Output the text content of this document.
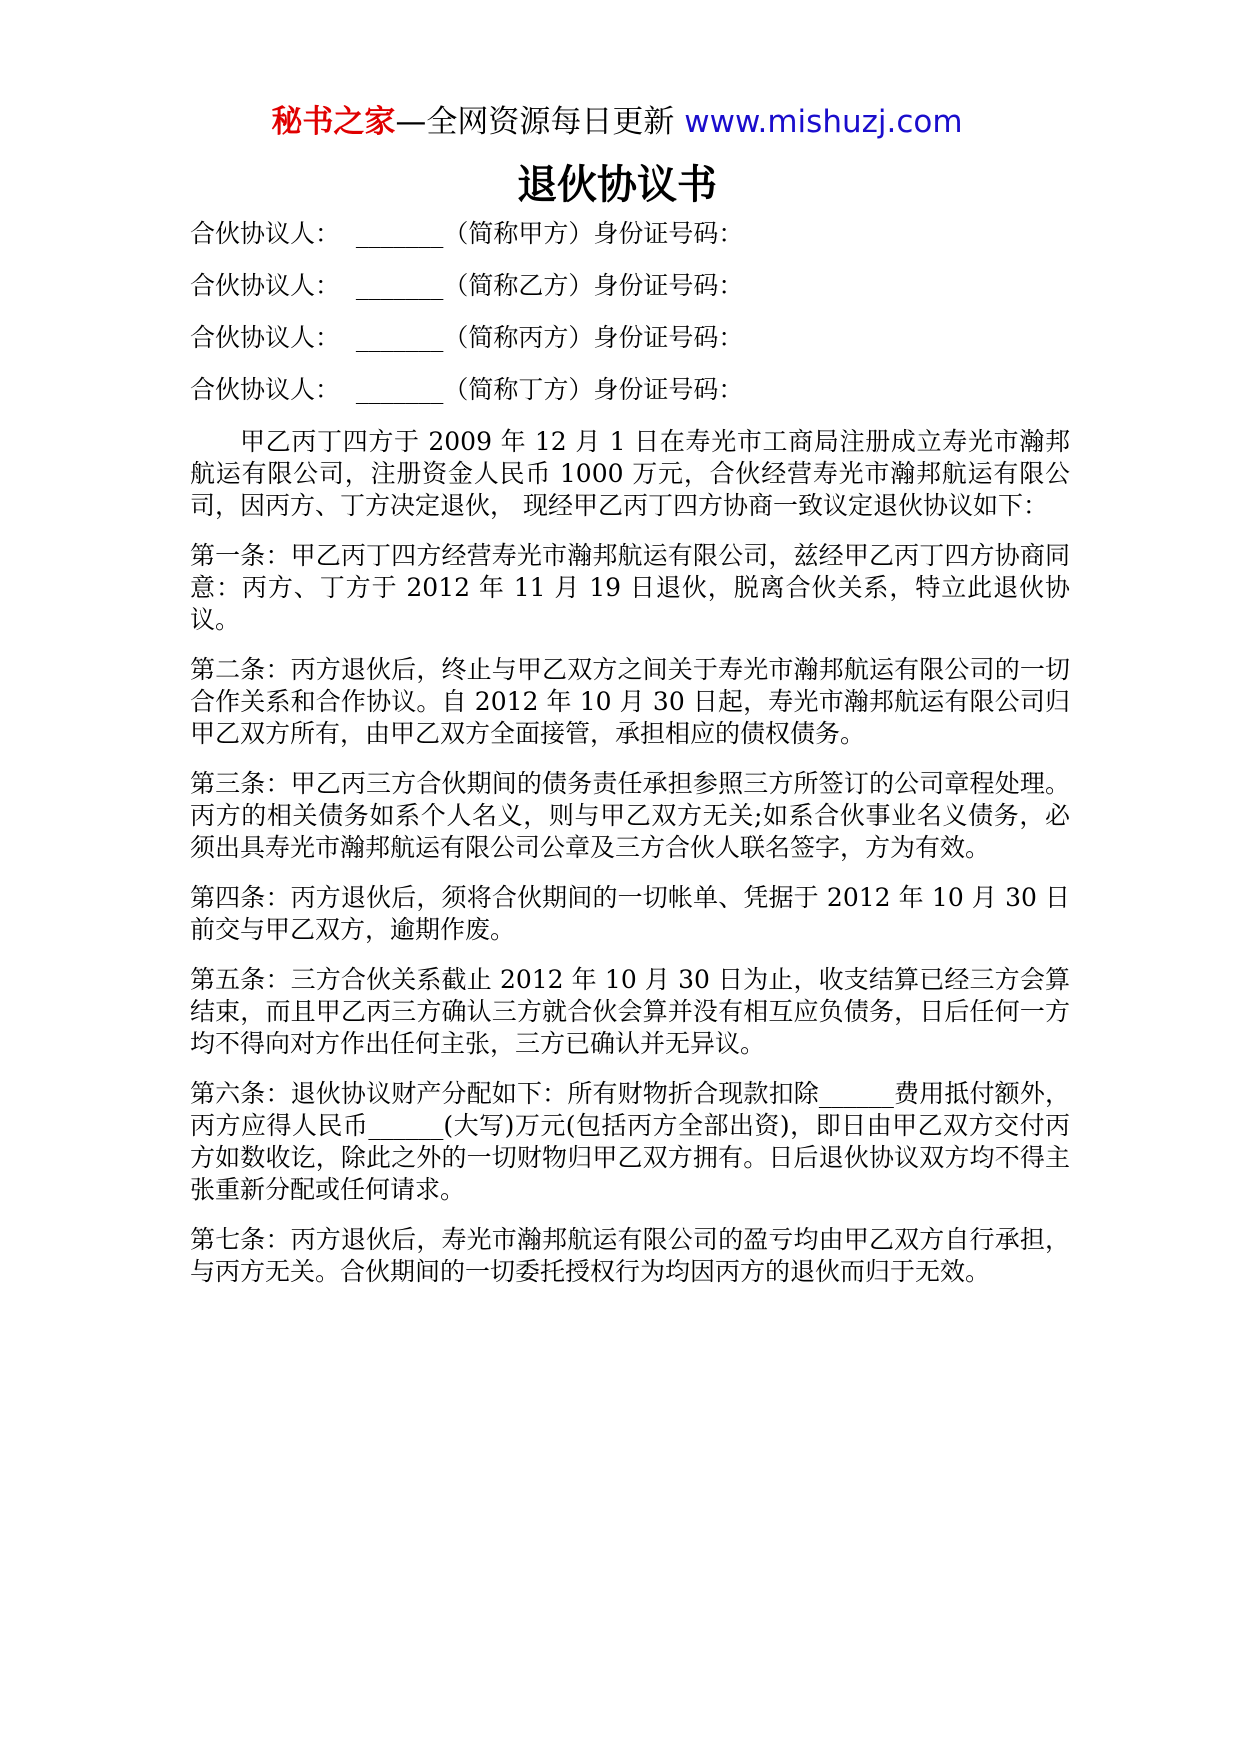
秘书之家—全网资源每日更新 www.mishuzj.com
退伙协议书
合伙协议人： _______（简称甲方）身份证号码：
合伙协议人： _______（简称乙方）身份证号码：
合伙协议人： _______（简称丙方）身份证号码：
合伙协议人： _______（简称丁方）身份证号码：

甲乙丙丁四方于 2009 年 12 月 1 日在寿光市工商局注册成立寿光市瀚邦航运有限公司，注册资金人民币 1000 万元，合伙经营寿光市瀚邦航运有限公司，因丙方、丁方决定退伙， 现经甲乙丙丁四方协商一致议定退伙协议如下：

第一条：甲乙丙丁四方经营寿光市瀚邦航运有限公司，兹经甲乙丙丁四方协商同意：丙方、丁方于 2012 年 11 月 19 日退伙，脱离合伙关系，特立此退伙协议。

第二条：丙方退伙后，终止与甲乙双方之间关于寿光市瀚邦航运有限公司的一切合作关系和合作协议。自 2012 年 10 月 30 日起，寿光市瀚邦航运有限公司归甲乙双方所有，由甲乙双方全面接管，承担相应的债权债务。

第三条：甲乙丙三方合伙期间的债务责任承担参照三方所签订的公司章程处理。丙方的相关债务如系个人名义，则与甲乙双方无关;如系合伙事业名义债务，必须出具寿光市瀚邦航运有限公司公章及三方合伙人联名签字，方为有效。

第四条：丙方退伙后，须将合伙期间的一切帐单、凭据于 2012 年 10 月 30 日前交与甲乙双方，逾期作废。

第五条：三方合伙关系截止 2012 年 10 月 30 日为止，收支结算已经三方会算结束，而且甲乙丙三方确认三方就合伙会算并没有相互应负债务，日后任何一方均不得向对方作出任何主张，三方已确认并无异议。

第六条：退伙协议财产分配如下：所有财物折合现款扣除______费用抵付额外，丙方应得人民币______(大写)万元(包括丙方全部出资)，即日由甲乙双方交付丙方如数收讫，除此之外的一切财物归甲乙双方拥有。日后退伙协议双方均不得主张重新分配或任何请求。

第七条：丙方退伙后，寿光市瀚邦航运有限公司的盈亏均由甲乙双方自行承担，与丙方无关。合伙期间的一切委托授权行为均因丙方的退伙而归于无效。
